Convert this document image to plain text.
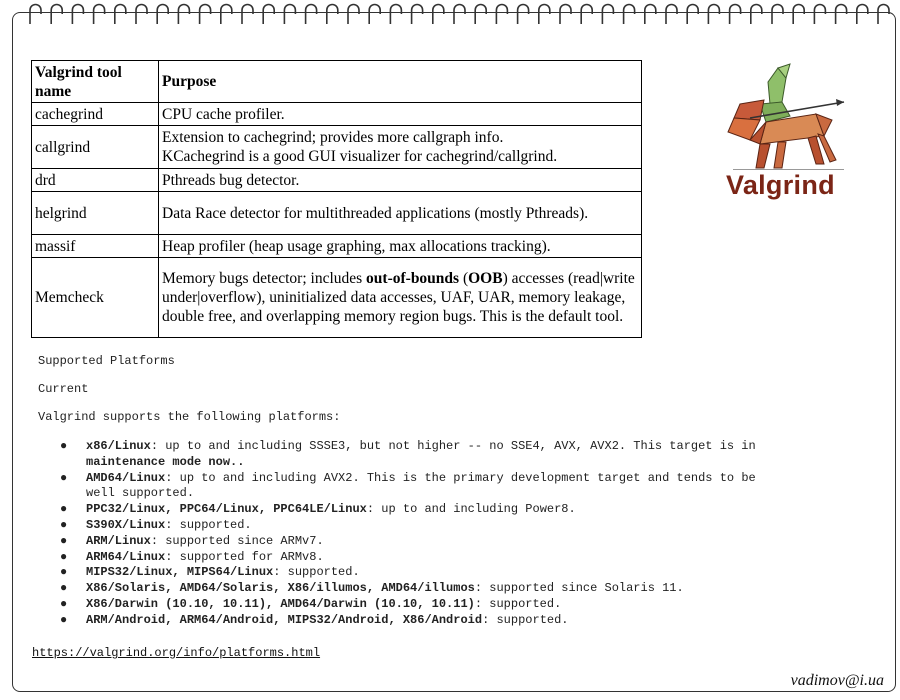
Valgrind tool name	Purpose
cachegrind	CPU cache profiler.
callgrind	Extension to cachegrind; provides more callgraph info.
KCachegrind is a good GUI visualizer for cachegrind/callgrind.
drd	Pthreads bug detector.
helgrind	Data Race detector for multithreaded applications (mostly Pthreads).
massif	Heap profiler (heap usage graphing, max allocations tracking).
Memcheck	Memory bugs detector; includes out-of-bounds (OOB) accesses (read|write under|overflow), uninitialized data accesses, UAF, UAR, memory leakage, double free, and overlapping memory region bugs. This is the default tool.
Valgrind
Supported Platforms
Current
Valgrind supports the following platforms:
● x86/Linux: up to and including SSSE3, but not higher -- no SSE4, AVX, AVX2. This target is in
maintenance mode now..
● AMD64/Linux: up to and including AVX2. This is the primary development target and tends to be
well supported.
● PPC32/Linux, PPC64/Linux, PPC64LE/Linux: up to and including Power8.
● S390X/Linux: supported.
● ARM/Linux: supported since ARMv7.
● ARM64/Linux: supported for ARMv8.
● MIPS32/Linux, MIPS64/Linux: supported.
● X86/Solaris, AMD64/Solaris, X86/illumos, AMD64/illumos: supported since Solaris 11.
● X86/Darwin (10.10, 10.11), AMD64/Darwin (10.10, 10.11): supported.
● ARM/Android, ARM64/Android, MIPS32/Android, X86/Android: supported.
https://valgrind.org/info/platforms.html
vadimov@i.ua
